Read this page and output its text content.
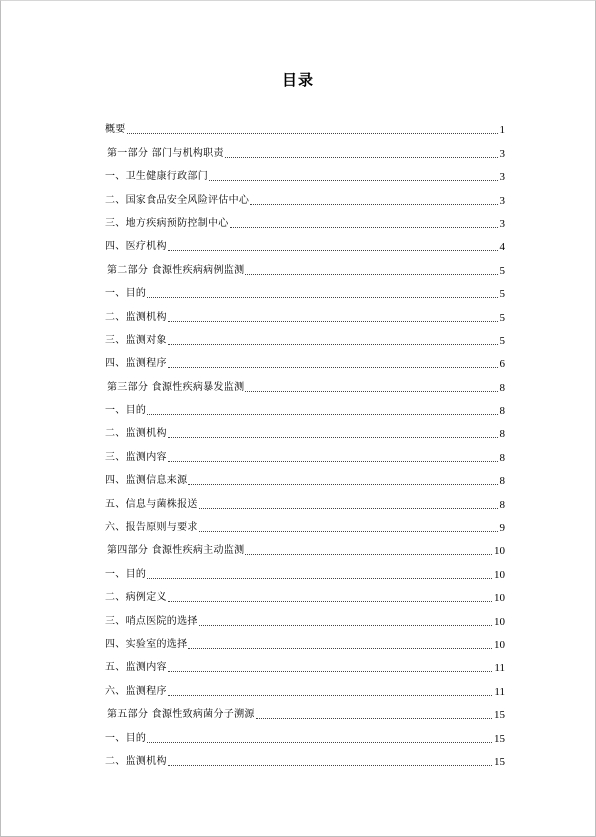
目录
概要	1
第一部分 部门与机构职责	3
一、卫生健康行政部门	3
二、国家食品安全风险评估中心	3
三、地方疾病预防控制中心	3
四、医疗机构	4
第二部分 食源性疾病病例监测	5
一、目的	5
二、监测机构	5
三、监测对象	5
四、监测程序	6
第三部分 食源性疾病暴发监测	8
一、目的	8
二、监测机构	8
三、监测内容	8
四、监测信息来源	8
五、信息与菌株报送	8
六、报告原则与要求	9
第四部分 食源性疾病主动监测	10
一、目的	10
二、病例定义	10
三、哨点医院的选择	10
四、实验室的选择	10
五、监测内容	11
六、监测程序	11
第五部分 食源性致病菌分子溯源	15
一、目的	15
二、监测机构	15
